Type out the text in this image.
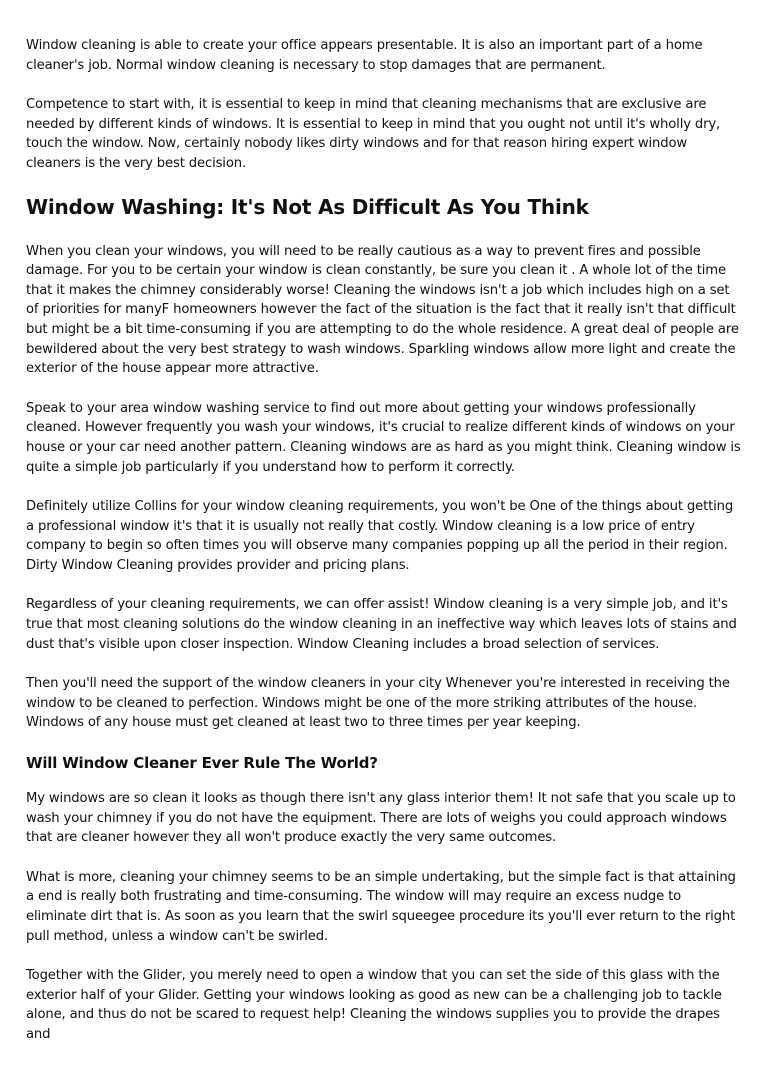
Window cleaning is able to create your office appears presentable. It is also an important part of a home cleaner's job. Normal window cleaning is necessary to stop damages that are permanent.

Competence to start with, it is essential to keep in mind that cleaning mechanisms that are exclusive are needed by different kinds of windows. It is essential to keep in mind that you ought not until it's wholly dry, touch the window. Now, certainly nobody likes dirty windows and for that reason hiring expert window cleaners is the very best decision.

Window Washing: It's Not As Difficult As You Think

When you clean your windows, you will need to be really cautious as a way to prevent fires and possible damage. For you to be certain your window is clean constantly, be sure you clean it . A whole lot of the time that it makes the chimney considerably worse! Cleaning the windows isn't a job which includes high on a set of priorities for manyF homeowners however the fact of the situation is the fact that it really isn't that difficult but might be a bit time-consuming if you are attempting to do the whole residence. A great deal of people are bewildered about the very best strategy to wash windows. Sparkling windows allow more light and create the exterior of the house appear more attractive.

Speak to your area window washing service to find out more about getting your windows professionally cleaned. However frequently you wash your windows, it's crucial to realize different kinds of windows on your house or your car need another pattern. Cleaning windows are as hard as you might think. Cleaning window is quite a simple job particularly if you understand how to perform it correctly.

Definitely utilize Collins for your window cleaning requirements, you won't be One of the things about getting a professional window it's that it is usually not really that costly. Window cleaning is a low price of entry company to begin so often times you will observe many companies popping up all the period in their region. Dirty Window Cleaning provides provider and pricing plans.

Regardless of your cleaning requirements, we can offer assist! Window cleaning is a very simple job, and it's true that most cleaning solutions do the window cleaning in an ineffective way which leaves lots of stains and dust that's visible upon closer inspection. Window Cleaning includes a broad selection of services.

Then you'll need the support of the window cleaners in your city Whenever you're interested in receiving the window to be cleaned to perfection. Windows might be one of the more striking attributes of the house. Windows of any house must get cleaned at least two to three times per year keeping.

Will Window Cleaner Ever Rule The World?

My windows are so clean it looks as though there isn't any glass interior them! It not safe that you scale up to wash your chimney if you do not have the equipment. There are lots of weighs you could approach windows that are cleaner however they all won't produce exactly the very same outcomes.

What is more, cleaning your chimney seems to be an simple undertaking, but the simple fact is that attaining a end is really both frustrating and time-consuming. The window will may require an excess nudge to eliminate dirt that is. As soon as you learn that the swirl squeegee procedure its you'll ever return to the right pull method, unless a window can't be swirled.

Together with the Glider, you merely need to open a window that you can set the side of this glass with the exterior half of your Glider. Getting your windows looking as good as new can be a challenging job to tackle alone, and thus do not be scared to request help! Cleaning the windows supplies you to provide the drapes and
